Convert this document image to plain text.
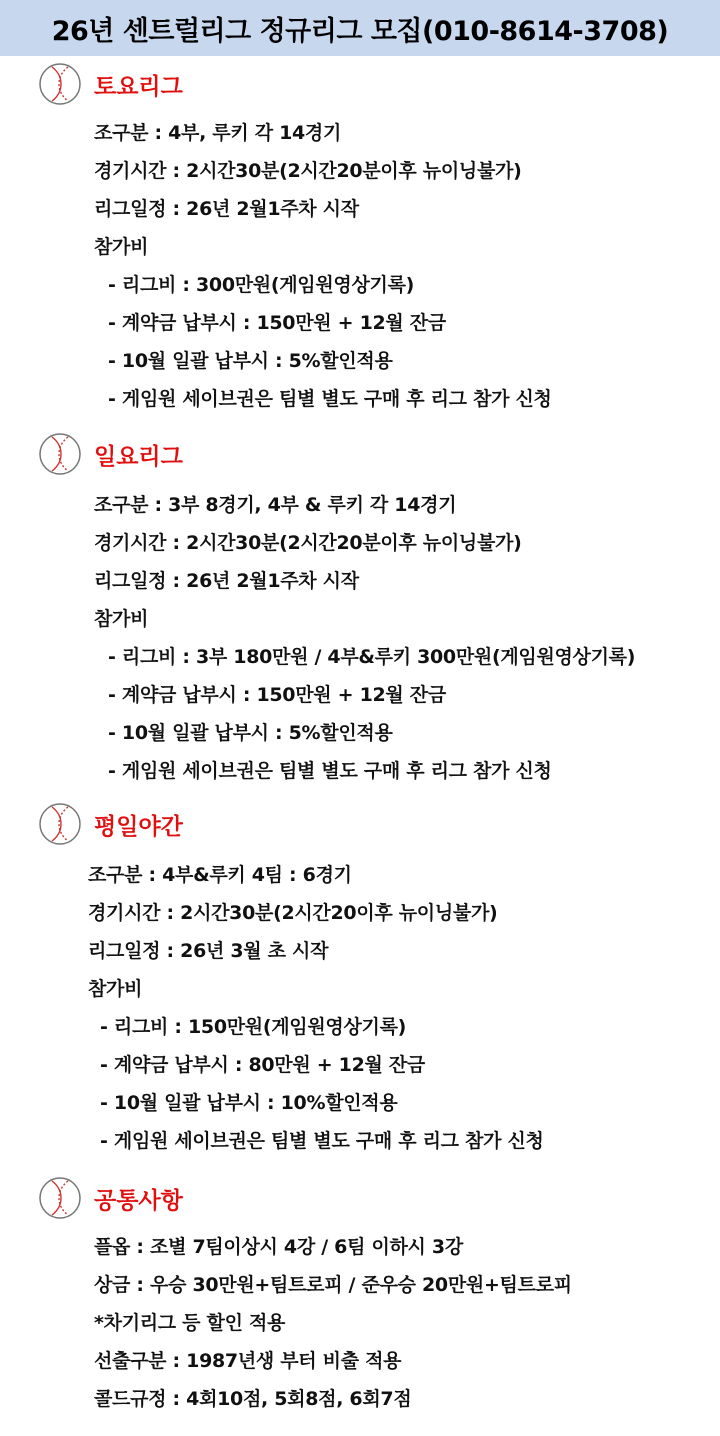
26년 센트럴리그 정규리그 모집(010-8614-3708)
토요리그
조구분 : 4부, 루키 각 14경기
경기시간 : 2시간30분(2시간20분이후 뉴이닝불가)
리그일정 : 26년 2월1주차 시작
참가비
- 리그비 : 300만원(게임원영상기록)
- 계약금 납부시 : 150만원 + 12월 잔금
- 10월 일괄 납부시 : 5%할인적용
- 게임원 세이브권은 팀별 별도 구매 후 리그 참가 신청
일요리그
조구분 : 3부 8경기, 4부 & 루키 각 14경기
경기시간 : 2시간30분(2시간20분이후 뉴이닝불가)
리그일정 : 26년 2월1주차 시작
참가비
- 리그비 : 3부 180만원 / 4부&루키 300만원(게임원영상기록)
- 계약금 납부시 : 150만원 + 12월 잔금
- 10월 일괄 납부시 : 5%할인적용
- 게임원 세이브권은 팀별 별도 구매 후 리그 참가 신청
평일야간
조구분 : 4부&루키 4팀 : 6경기
경기시간 : 2시간30분(2시간20이후 뉴이닝불가)
리그일정 : 26년 3월 초 시작
참가비
- 리그비 : 150만원(게임원영상기록)
- 계약금 납부시 : 80만원 + 12월 잔금
- 10월 일괄 납부시 : 10%할인적용
- 게임원 세이브권은 팀별 별도 구매 후 리그 참가 신청
공통사항
플옵 : 조별 7팀이상시 4강 / 6팀 이하시 3강
상금 : 우승 30만원+팀트로피 / 준우승 20만원+팀트로피
*차기리그 등 할인 적용
선출구분 : 1987년생 부터 비출 적용
콜드규정 : 4회10점, 5회8점, 6회7점
